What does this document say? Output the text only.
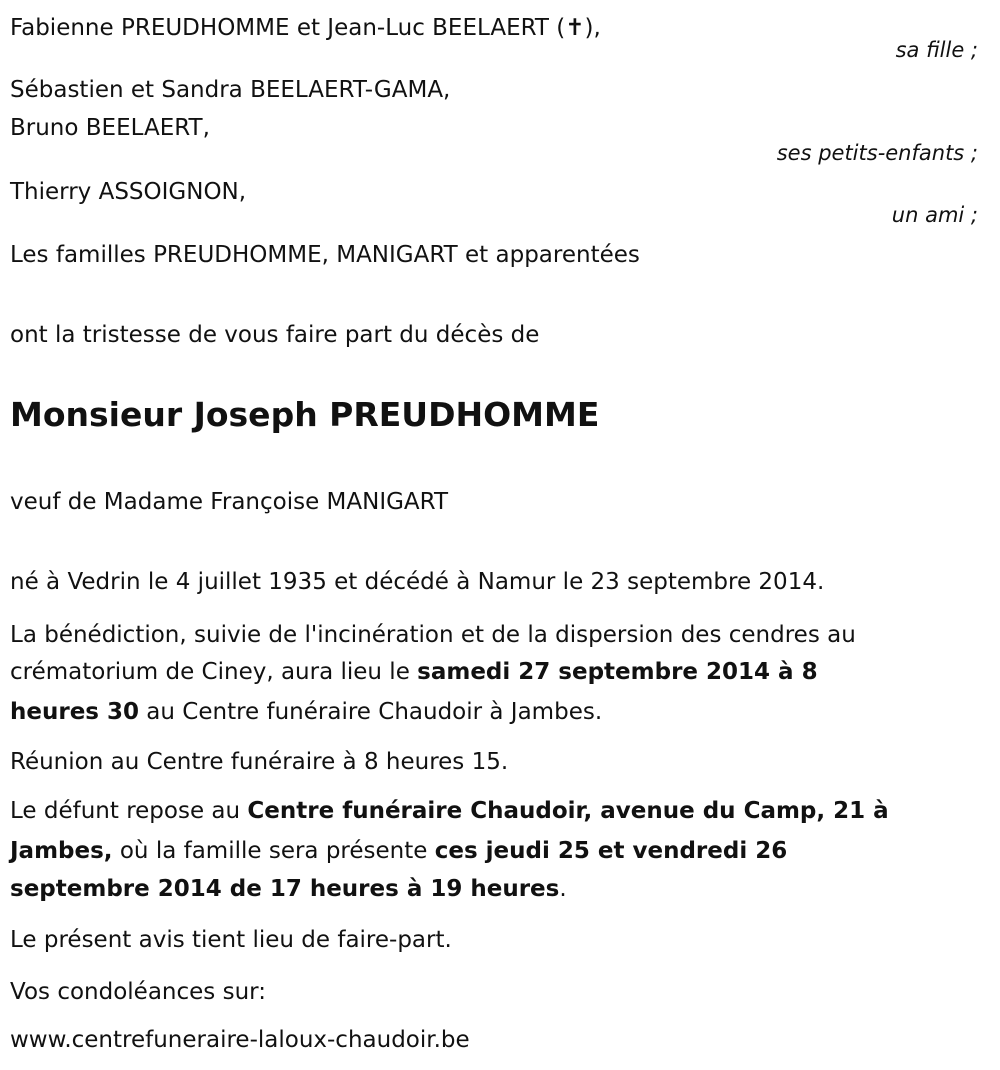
Fabienne PREUDHOMME et Jean-Luc BEELAERT (✝),
sa fille ;
Sébastien et Sandra BEELAERT-GAMA,
Bruno BEELAERT,
ses petits-enfants ;
Thierry ASSOIGNON,
un ami ;
Les familles PREUDHOMME, MANIGART et apparentées
ont la tristesse de vous faire part du décès de
Monsieur Joseph PREUDHOMME
veuf de Madame Françoise MANIGART
né à Vedrin le 4 juillet 1935 et décédé à Namur le 23 septembre 2014.
La bénédiction, suivie de l'incinération et de la dispersion des cendres au
crématorium de Ciney, aura lieu le samedi 27 septembre 2014 à 8
heures 30 au Centre funéraire Chaudoir à Jambes.
Réunion au Centre funéraire à 8 heures 15.
Le défunt repose au Centre funéraire Chaudoir, avenue du Camp, 21 à
Jambes, où la famille sera présente ces jeudi 25 et vendredi 26
septembre 2014 de 17 heures à 19 heures.
Le présent avis tient lieu de faire-part.
Vos condoléances sur:
www.centrefuneraire-laloux-chaudoir.be
